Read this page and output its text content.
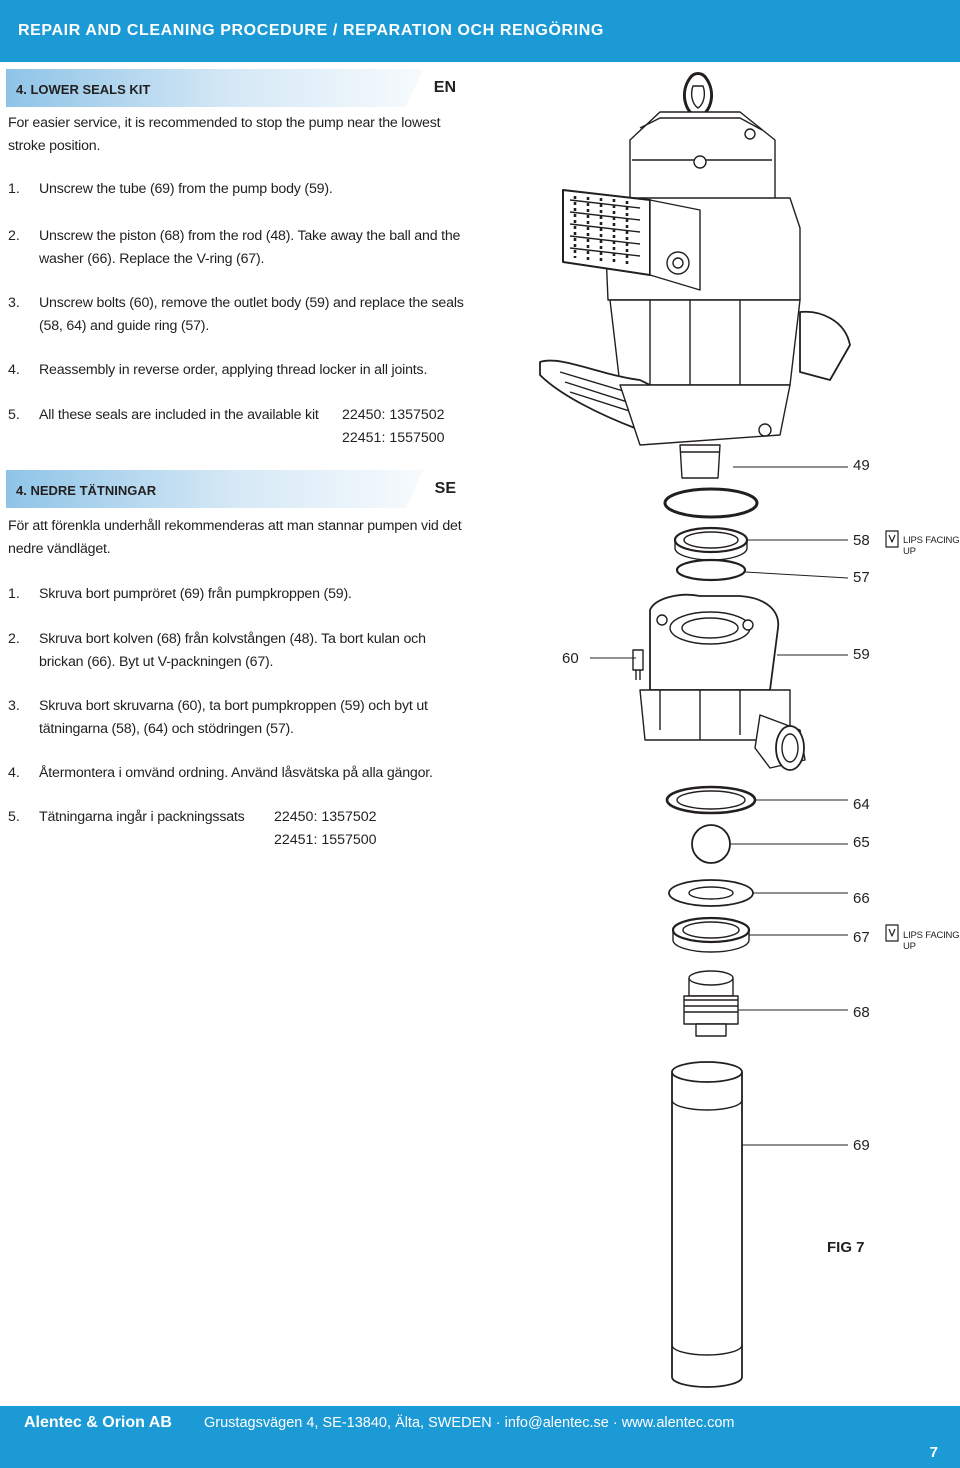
REPAIR AND CLEANING PROCEDURE / REPARATION OCH RENGÖRING
4. LOWER SEALS KIT	EN
For easier service, it is recommended to stop the pump near the lowest stroke position.
1. Unscrew the tube (69) from the pump body (59).
2. Unscrew the piston (68) from the rod (48). Take away the ball and the washer (66). Replace the V-ring (67).
3. Unscrew bolts (60), remove the outlet body (59) and replace the seals (58, 64) and guide ring (57).
4. Reassembly in reverse order, applying thread locker in all joints.
5. All these seals are included in the available kit	22450: 1357502
22451: 1557500
4. NEDRE TÄTNINGAR	SE
För att förenkla underhåll rekommenderas att man stannar pumpen vid det nedre vändläget.
1. Skruva bort pumpröret (69) från pumpkroppen (59).
2. Skruva bort kolven (68) från kolvstången (48). Ta bort kulan och brickan (66). Byt ut V-packningen (67).
3. Skruva bort skruvarna (60), ta bort pumpkroppen (59) och byt ut tätningarna (58), (64) och stödringen (57).
4. Återmontera i omvänd ordning. Använd låsvätska på alla gängor.
5. Tätningarna ingår i packningssats	22450: 1357502
22451: 1557500
49
58	LIPS FACING UP
57
60	59
64
65
66
67	LIPS FACING UP
68
69
FIG 7
Alentec & Orion AB Grustagsvägen 4, SE-13840, Älta, SWEDEN · info@alentec.se · www.alentec.com
7
